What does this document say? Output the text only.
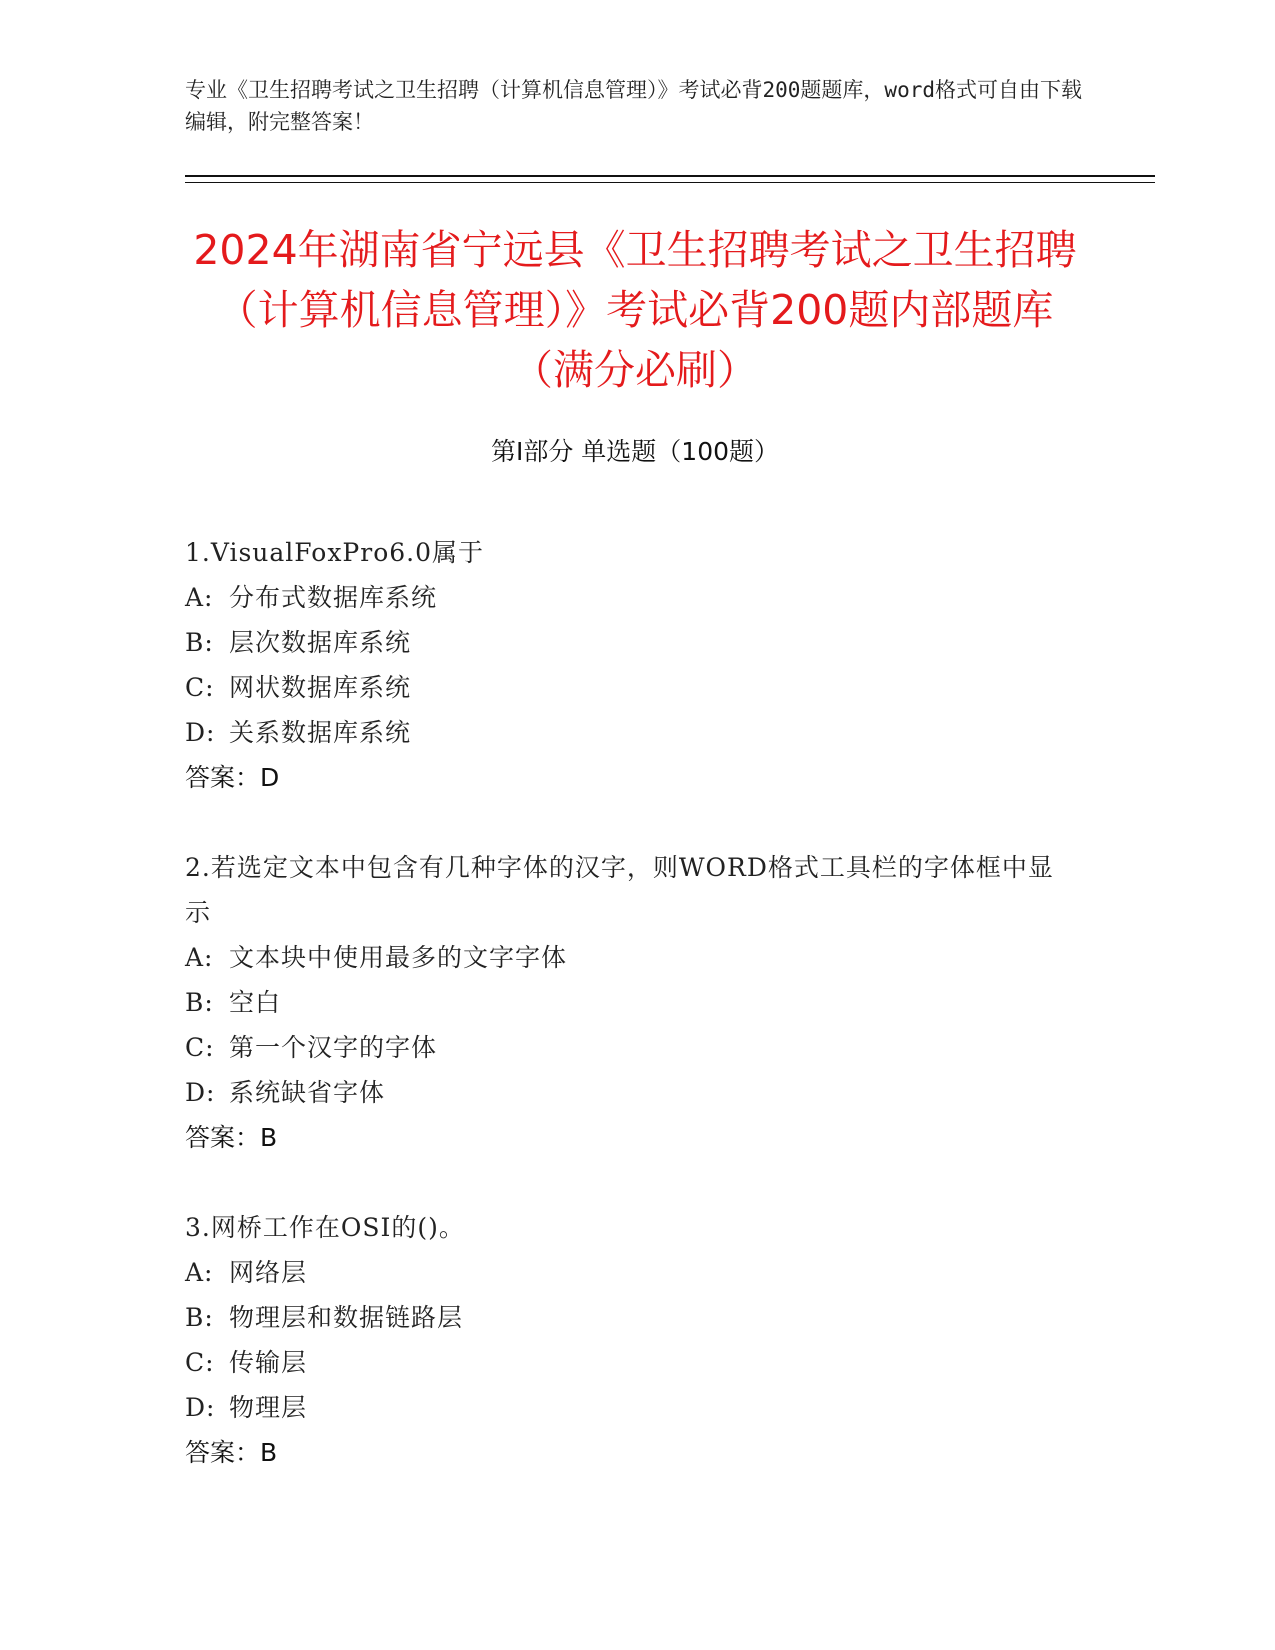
专业《卫生招聘考试之卫生招聘（计算机信息管理）》考试必背200题题库，word格式可自由下载编辑，附完整答案！
2024年湖南省宁远县《卫生招聘考试之卫生招聘（计算机信息管理）》考试必背200题内部题库（满分必刷）
第I部分 单选题（100题）
1.VisualFoxPro6.0属于
A: 分布式数据库系统
B: 层次数据库系统
C: 网状数据库系统
D: 关系数据库系统
答案：D
2.若选定文本中包含有几种字体的汉字，则WORD格式工具栏的字体框中显示
A: 文本块中使用最多的文字字体
B: 空白
C: 第一个汉字的字体
D: 系统缺省字体
答案：B
3.网桥工作在OSI的()。
A: 网络层
B: 物理层和数据链路层
C: 传输层
D: 物理层
答案：B
